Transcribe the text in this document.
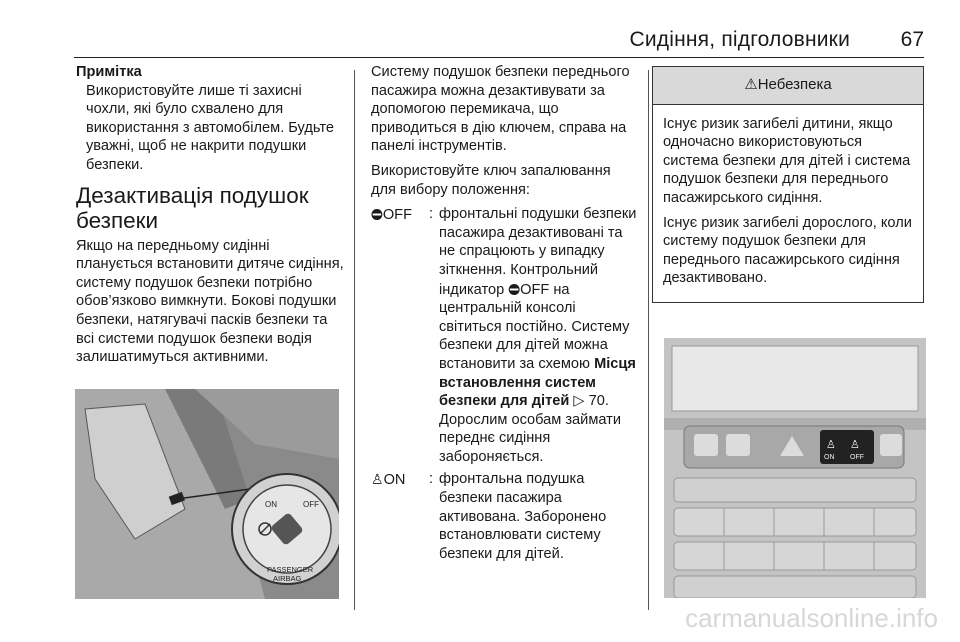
Сидіння, підголовники 67
Примітка
Використовуйте лише ті захисні чохли, які було схвалено для використання з автомобілем. Будьте уважні, щоб не накрити подушки безпеки.
Дезактивація подушок безпеки

Якщо на передньому сидінні планується встановити дитяче сидіння, систему подушок безпеки потрібно обов’язково вимкнути. Бокові подушки безпеки, натягувачі пасків безпеки та всі системи подушок безпеки водія залишатимуться активними.

ON	OFF
PASSENGER
AIRBAG

Систему подушок безпеки переднього пасажира можна дезактивувати за допомогою перемикача, що приводиться в дію ключем, справа на панелі інструментів.

Використовуйте ключ запалювання для вибору положення:

⛔︎OFF	: фронтальні подушки безпеки пасажира дезактивовані та не спрацюють у випадку зіткнення. Контрольний індикатор ⛔︎OFF на центральній консолі світиться постійно. Систему безпеки для дітей можна встановити за схемою Місця встановлення систем безпеки для дітей ▷ 70.
Дорослим особам займати переднє сидіння забороняється.
♙ON	: фронтальна подушка безпеки пасажира активована. Заборонено встановлювати систему безпеки для дітей.
⚠Небезпека

Існує ризик загибелі дитини, якщо одночасно використовуються система безпеки для дітей і система подушок безпеки для переднього пасажирського сидіння.

Існує ризик загибелі дорослого, коли систему подушок безпеки для переднього пасажирського сидіння дезактивовано.

ON OFF
♙ ♙
carmanualsonline.info
